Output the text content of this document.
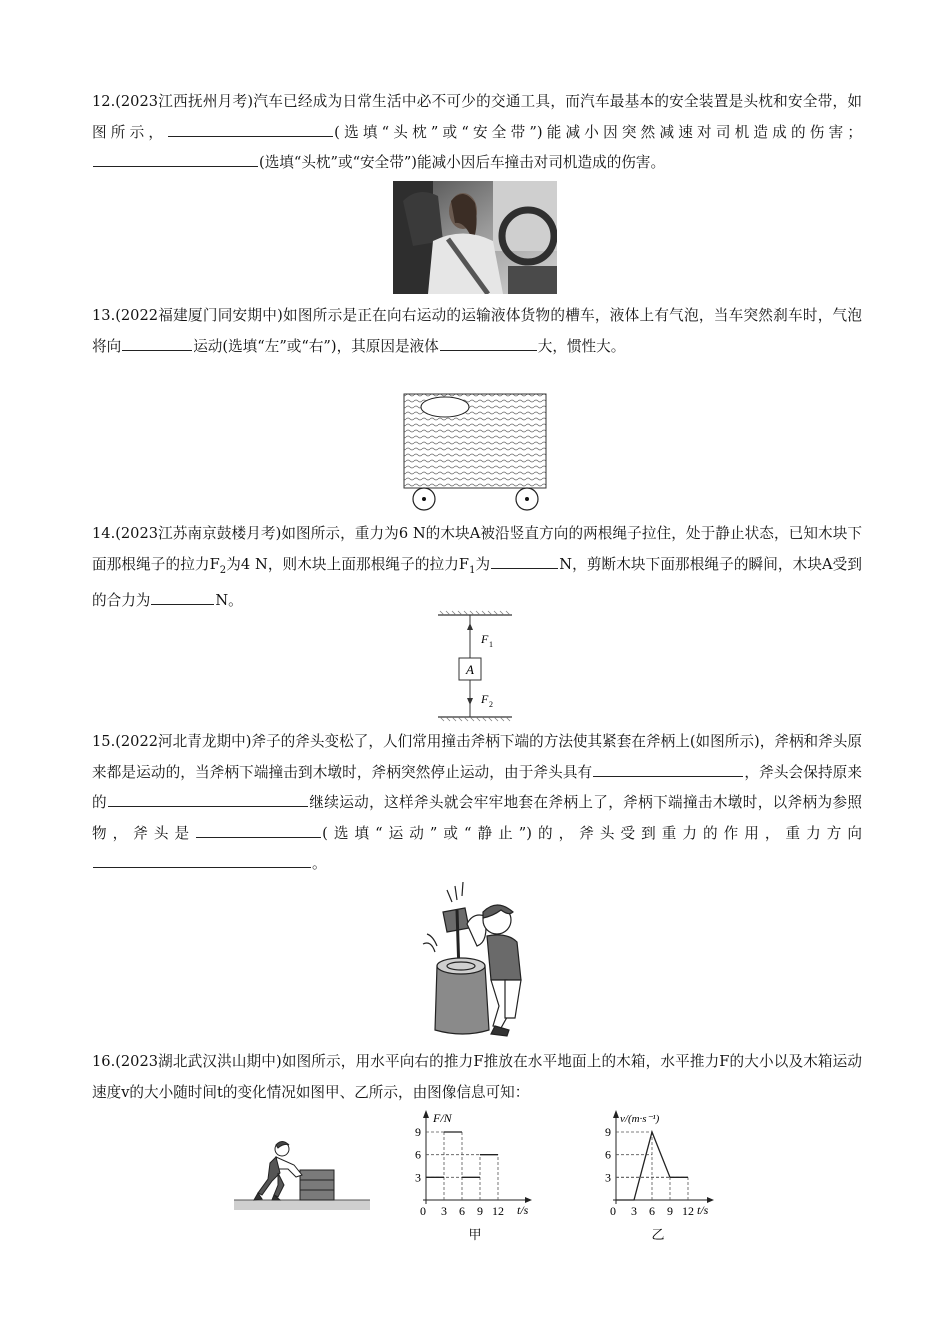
12.(2023江西抚州月考)汽车已经成为日常生活中必不可少的交通工具，而汽车最基本的安全装置是头枕和安全带，如图所示，	(选填“头枕”或“安全带”)能减小因突然减速对司机造成的伤害；(选填“头枕”或“安全带”)能减小因后车撞击对司机造成的伤害。
13.(2022福建厦门同安期中)如图所示是正在向右运动的运输液体货物的槽车，液体上有气泡，当车突然刹车时，气泡将向	运动(选填“左”或“右”)，其原因是液体	大，惯性大。
14.(2023江苏南京鼓楼月考)如图所示，重力为6 N的木块A被沿竖直方向的两根绳子拉住，处于静止状态，已知木块下面那根绳子的拉力$F_2$为4 N，则木块上面那根绳子的拉力$F_1$为	N，剪断木块下面那根绳子的瞬间，木块A受到的合力为	N。
A
F 1
F 2
15.(2022河北青龙期中)斧子的斧头变松了，人们常用撞击斧柄下端的方法使其紧套在斧柄上(如图所示)，斧柄和斧头原来都是运动的，当斧柄下端撞击到木墩时，斧柄突然停止运动，由于斧头具有	，斧头会保持原来的	继续运动，这样斧头就会牢牢地套在斧柄上了，斧柄下端撞击木墩时，以斧柄为参照物，斧头是	(选填“运动”或“静止”)的，斧头受到重力的作用，重力方向。
16.(2023湖北武汉洪山期中)如图所示，用水平向右的推力F推放在水平地面上的木箱，水平推力F的大小以及木箱运动速度v的大小随时间t的变化情况如图甲、乙所示，由图像信息可知：
F/N
t/s
3
6
9
0 3 6 9 12
甲
v/(m·s⁻¹)
t/s
3
6
9
0 3 6 9 12
乙
